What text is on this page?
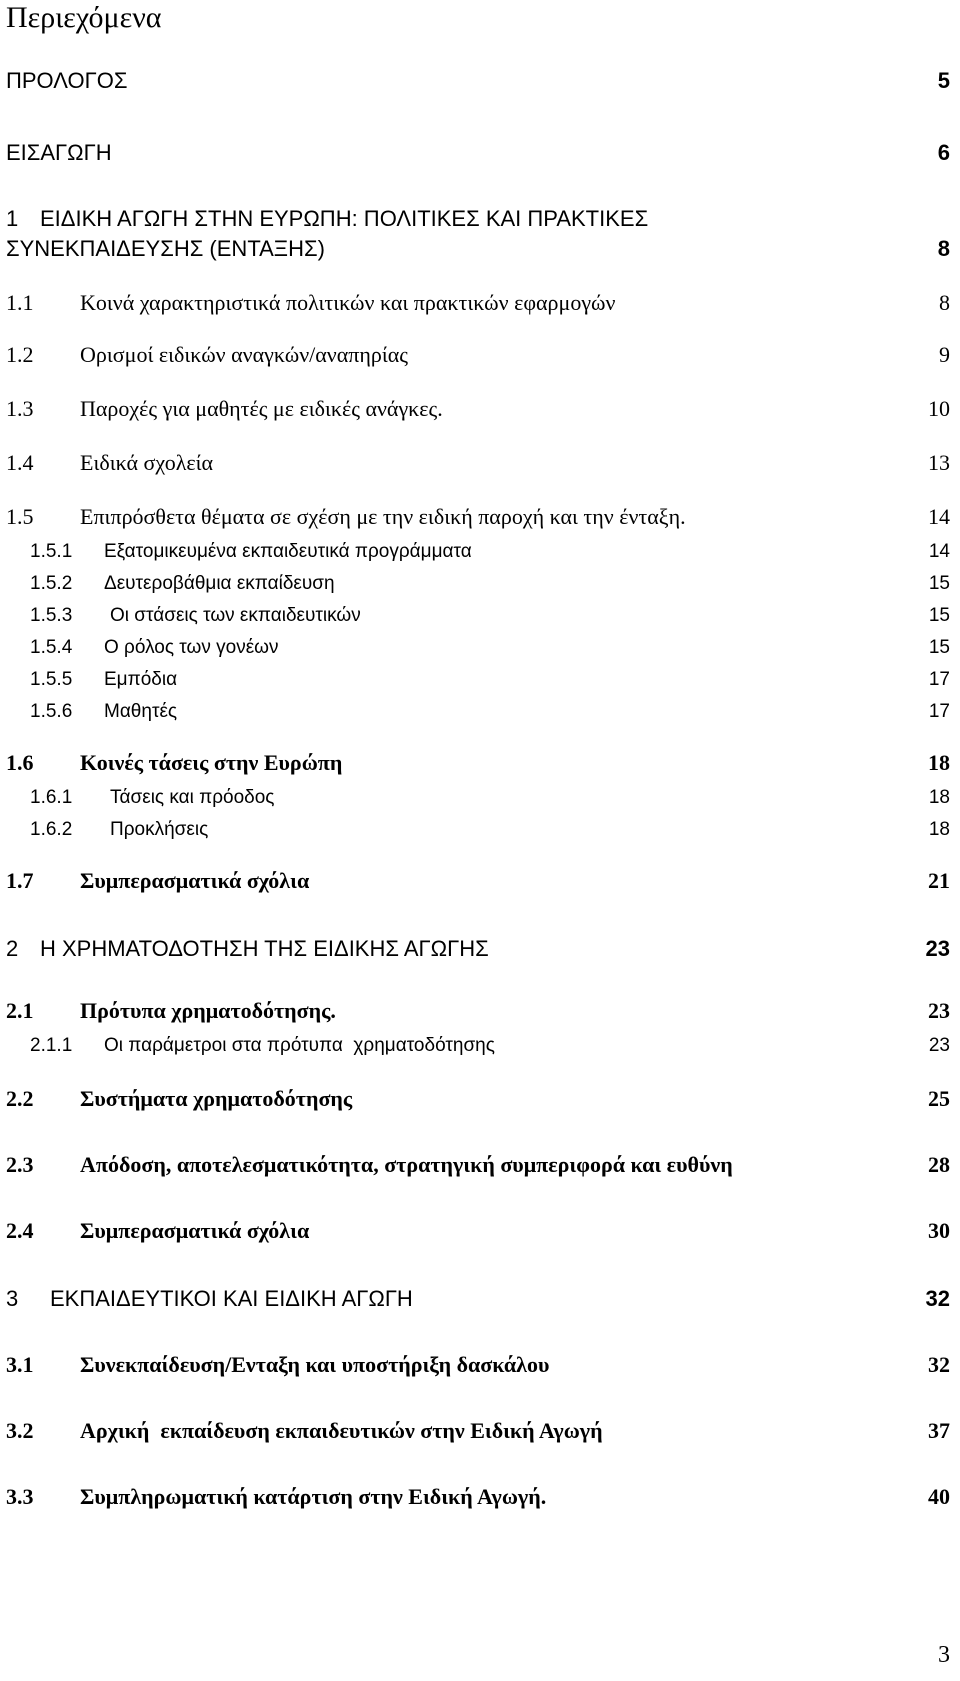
Περιεχόμενα
ΠΡΟΛΟΓΟΣ	5
ΕΙΣΑΓΩΓΗ	6
1 ΕΙΔΙΚΗ ΑΓΩΓΗ ΣΤΗΝ ΕΥΡΩΠΗ: ΠΟΛΙΤΙΚΕΣ ΚΑΙ ΠΡΑΚΤΙΚΕΣ
ΣΥΝΕΚΠΑΙΔΕΥΣΗΣ (ΕΝΤΑΞΗΣ)	8
1.1 Κοινά χαρακτηριστικά πολιτικών και πρακτικών εφαρμογών	8
1.2 Ορισμοί ειδικών αναγκών/αναπηρίας	9
1.3 Παροχές για μαθητές με ειδικές ανάγκες.	10
1.4 Ειδικά σχολεία	13
1.5 Επιπρόσθετα θέματα σε σχέση με την ειδική παροχή και την ένταξη.	14
1.5.1 Εξατομικευμένα εκπαιδευτικά προγράμματα	14
1.5.2 Δευτεροβάθμια εκπαίδευση	15
1.5.3 Οι στάσεις των εκπαιδευτικών	15
1.5.4 Ο ρόλος των γονέων	15
1.5.5 Εμπόδια	17
1.5.6 Μαθητές	17
1.6 Κοινές τάσεις στην Ευρώπη	18
1.6.1 Τάσεις και πρόοδος	18
1.6.2 Προκλήσεις	18
1.7 Συμπερασματικά σχόλια	21
2 Η ΧΡΗΜΑΤΟΔΟΤΗΣΗ ΤΗΣ ΕΙΔΙΚΗΣ ΑΓΩΓΗΣ	23
2.1 Πρότυπα χρηματοδότησης.	23
2.1.1 Οι παράμετροι στα πρότυπα  χρηματοδότησης	23
2.2 Συστήματα χρηματοδότησης	25
2.3 Απόδοση, αποτελεσματικότητα, στρατηγική συμπεριφορά και ευθύνη	28
2.4 Συμπερασματικά σχόλια	30
3 ΕΚΠΑΙΔΕΥΤΙΚΟΙ ΚΑΙ ΕΙΔΙΚΗ ΑΓΩΓΗ	32
3.1 Συνεκπαίδευση/Ενταξη και υποστήριξη δασκάλου	32
3.2 Αρχική  εκπαίδευση εκπαιδευτικών στην Ειδική Αγωγή	37
3.3 Συμπληρωματική κατάρτιση στην Ειδική Αγωγή.	40
3
